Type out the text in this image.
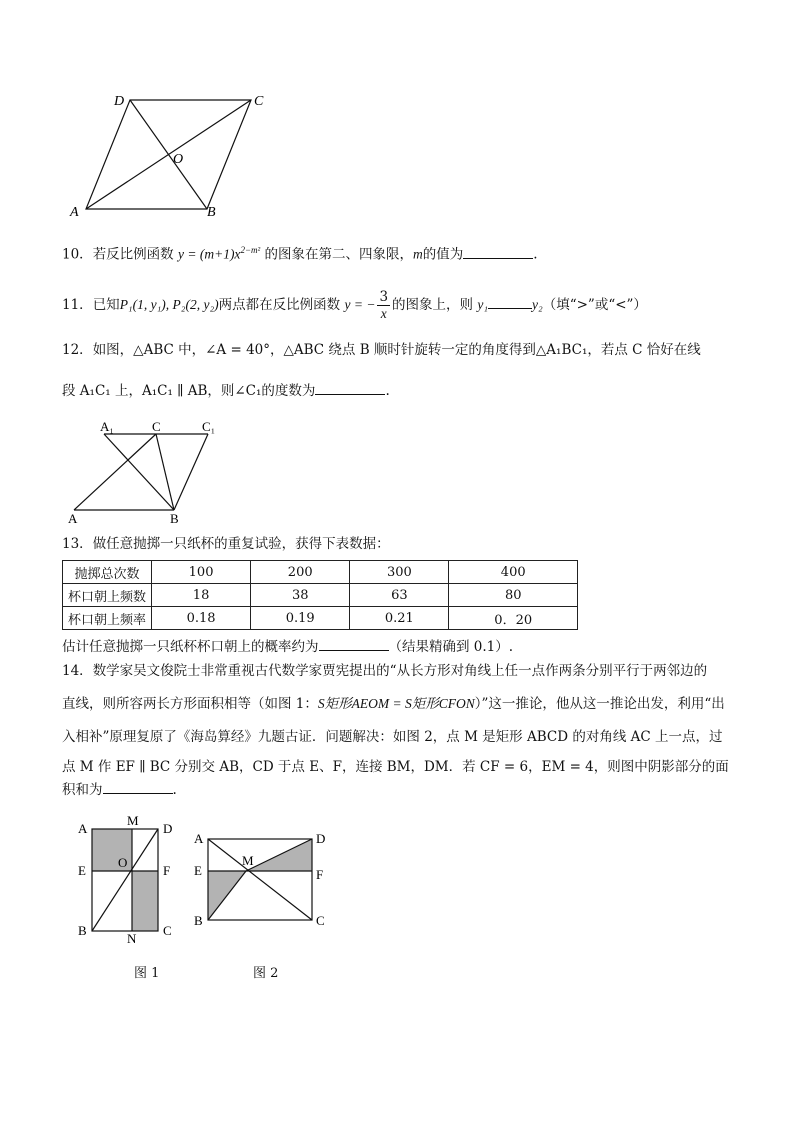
D	C
O
A	B
10．若反比例函数 $y = (m+1)x^{2-m^2}$ 的图象在第二、四象限，m的值为	.
11．已知P₁(1, y₁), P₂(2, y₂)两点都在反比例函数 y = − $\frac{3}{x}$ 的图象上，则 y₁	y₂（填“>”或“<”）
12．如图，△ABC 中，∠A = 40°，△ABC 绕点 B 顺时针旋转一定的角度得到△A₁BC₁，若点 C 恰好在线
段 A₁C₁ 上，A₁C₁ ∥ AB，则∠C₁的度数为	.
A₁	C	C₁
A	B
13．做任意抛掷一只纸杯的重复试验，获得下表数据：
抛掷总次数	100	200	300	400
杯口朝上频数	18	38	63	80
杯口朝上频率	0.18	0.19	0.21	0．20
估计任意抛掷一只纸杯杯口朝上的概率约为	（结果精确到 0.1）.
14．数学家吴文俊院士非常重视古代数学家贾宪提出的“从长方形对角线上任一点作两条分别平行于两邻边的
直线，则所容两长方形面积相等（如图 1：S矩形AEOM = S矩形CFON）”这一推论，他从这一推论出发，利用“出
入相补”原理复原了《海岛算经》九题古证．问题解决：如图 2，点 M 是矩形 ABCD 的对角线 AC 上一点，过
点 M 作 EF ∥ BC 分别交 AB，CD 于点 E、F，连接 BM，DM．若 CF = 6，EM = 4，则图中阴影部分的面
积和为	.
A
M
D
E
O
F
B
N
C
图 1
A
M
D
E	F
B	C
图 2
